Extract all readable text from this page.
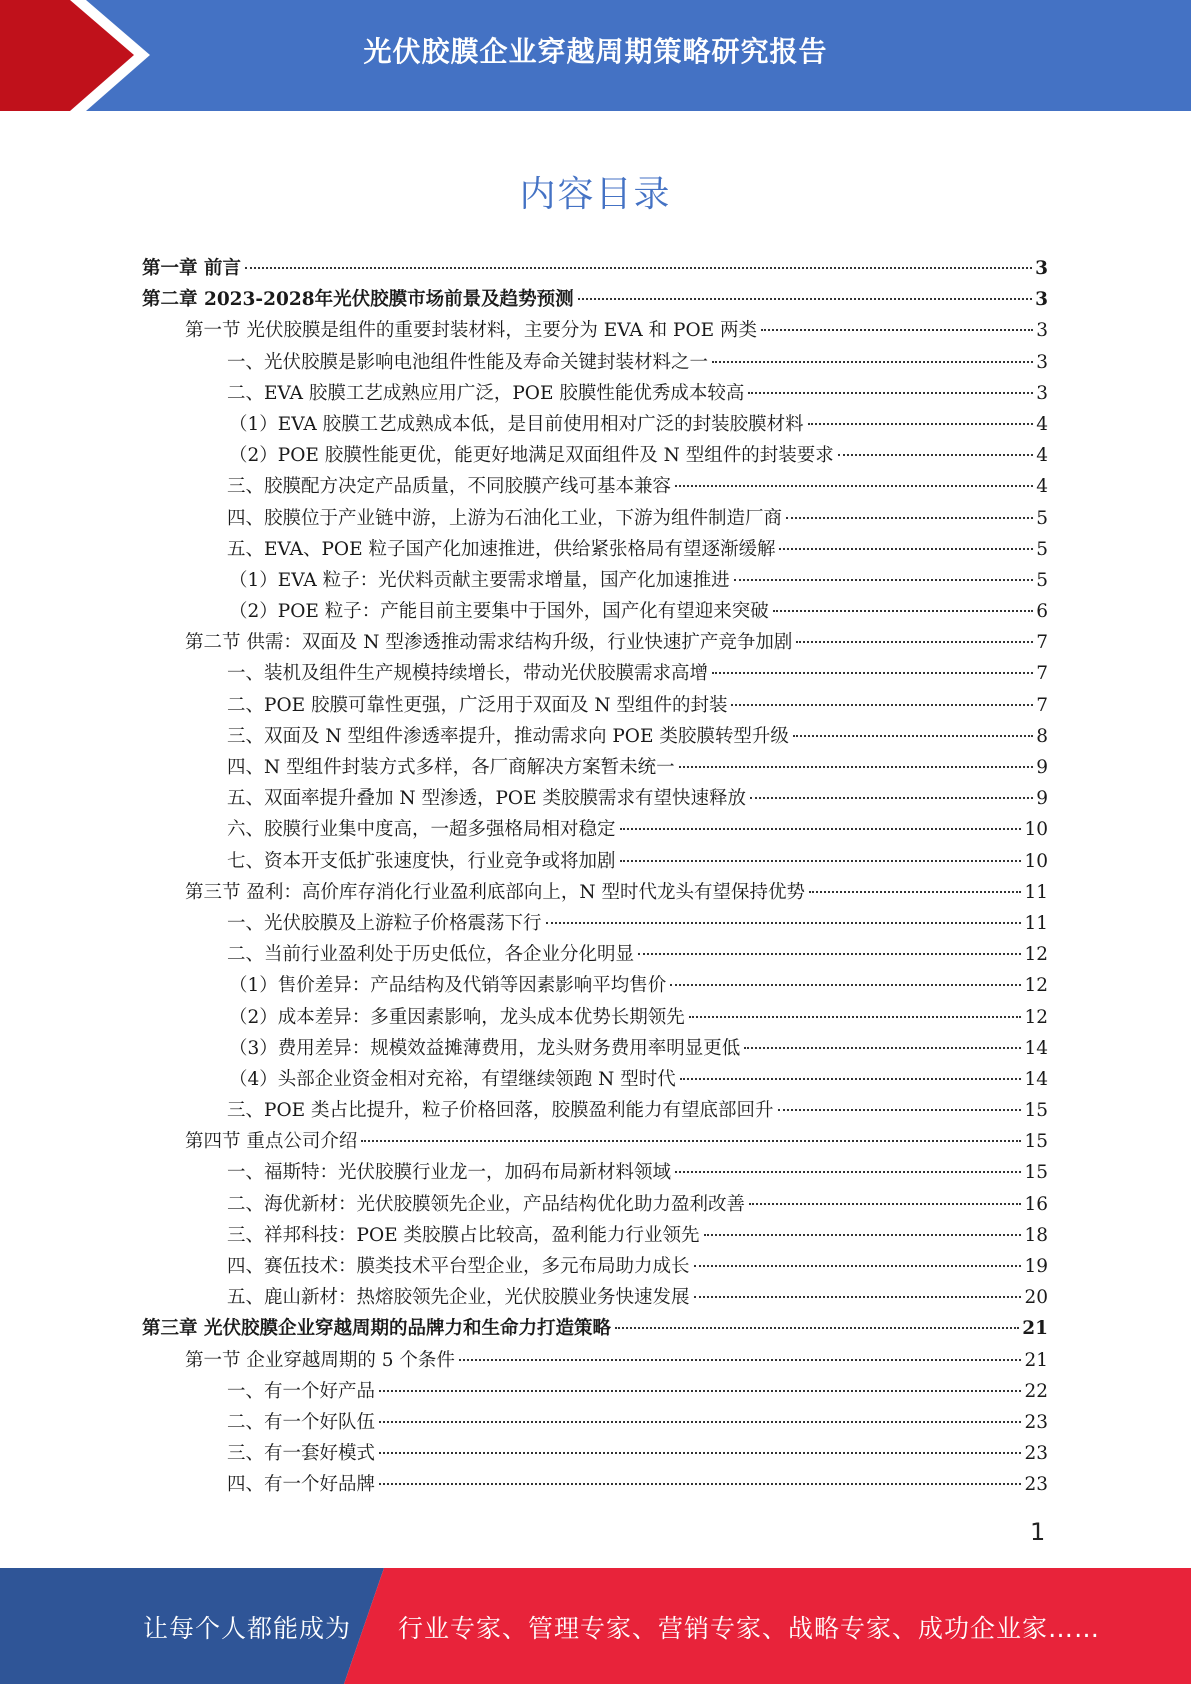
光伏胶膜企业穿越周期策略研究报告
内容目录
第一章 前言	3
第二章 2023-2028年光伏胶膜市场前景及趋势预测	3
第一节 光伏胶膜是组件的重要封装材料，主要分为 EVA 和 POE 两类	3
一、光伏胶膜是影响电池组件性能及寿命关键封装材料之一	3
二、EVA 胶膜工艺成熟应用广泛，POE 胶膜性能优秀成本较高	3
（1）EVA 胶膜工艺成熟成本低，是目前使用相对广泛的封装胶膜材料	4
（2）POE 胶膜性能更优，能更好地满足双面组件及 N 型组件的封装要求	4
三、胶膜配方决定产品质量，不同胶膜产线可基本兼容	4
四、胶膜位于产业链中游，上游为石油化工业，下游为组件制造厂商	5
五、EVA、POE 粒子国产化加速推进，供给紧张格局有望逐渐缓解	5
（1）EVA 粒子：光伏料贡献主要需求增量，国产化加速推进	5
（2）POE 粒子：产能目前主要集中于国外，国产化有望迎来突破	6
第二节 供需：双面及 N 型渗透推动需求结构升级，行业快速扩产竞争加剧	7
一、装机及组件生产规模持续增长，带动光伏胶膜需求高增	7
二、POE 胶膜可靠性更强，广泛用于双面及 N 型组件的封装	7
三、双面及 N 型组件渗透率提升，推动需求向 POE 类胶膜转型升级	8
四、N 型组件封装方式多样，各厂商解决方案暂未统一	9
五、双面率提升叠加 N 型渗透，POE 类胶膜需求有望快速释放	9
六、胶膜行业集中度高，一超多强格局相对稳定	10
七、资本开支低扩张速度快，行业竞争或将加剧	10
第三节 盈利：高价库存消化行业盈利底部向上，N 型时代龙头有望保持优势	11
一、光伏胶膜及上游粒子价格震荡下行	11
二、当前行业盈利处于历史低位，各企业分化明显	12
（1）售价差异：产品结构及代销等因素影响平均售价	12
（2）成本差异：多重因素影响，龙头成本优势长期领先	12
（3）费用差异：规模效益摊薄费用，龙头财务费用率明显更低	14
（4）头部企业资金相对充裕，有望继续领跑 N 型时代	14
三、POE 类占比提升，粒子价格回落，胶膜盈利能力有望底部回升	15
第四节 重点公司介绍	15
一、福斯特：光伏胶膜行业龙一，加码布局新材料领域	15
二、海优新材：光伏胶膜领先企业，产品结构优化助力盈利改善	16
三、祥邦科技：POE 类胶膜占比较高，盈利能力行业领先	18
四、赛伍技术：膜类技术平台型企业，多元布局助力成长	19
五、鹿山新材：热熔胶领先企业，光伏胶膜业务快速发展	20
第三章 光伏胶膜企业穿越周期的品牌力和生命力打造策略	21
第一节 企业穿越周期的 5 个条件	21
一、有一个好产品	22
二、有一个好队伍	23
三、有一套好模式	23
四、有一个好品牌	23
1
让每个人都能成为 行业专家、管理专家、营销专家、战略专家、成功企业家……
